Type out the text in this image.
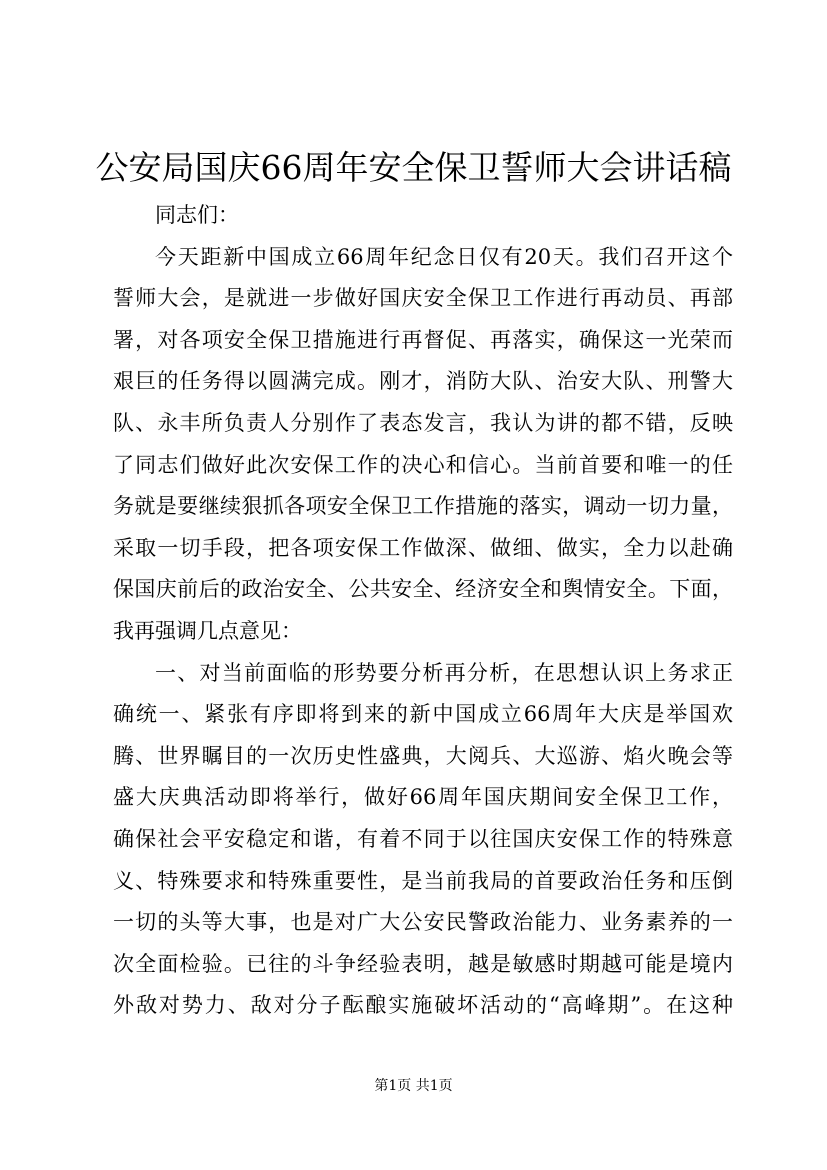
公安局国庆66周年安全保卫誓师大会讲话稿
同志们：
今天距新中国成立66周年纪念日仅有20天。我们召开这个
誓师大会，是就进一步做好国庆安全保卫工作进行再动员、再部
署，对各项安全保卫措施进行再督促、再落实，确保这一光荣而
艰巨的任务得以圆满完成。刚才，消防大队、治安大队、刑警大
队、永丰所负责人分别作了表态发言，我认为讲的都不错，反映
了同志们做好此次安保工作的决心和信心。当前首要和唯一的任
务就是要继续狠抓各项安全保卫工作措施的落实，调动一切力量，
采取一切手段，把各项安保工作做深、做细、做实，全力以赴确
保国庆前后的政治安全、公共安全、经济安全和舆情安全。下面，
我再强调几点意见：
一、对当前面临的形势要分析再分析，在思想认识上务求正
确统一、紧张有序即将到来的新中国成立66周年大庆是举国欢
腾、世界瞩目的一次历史性盛典，大阅兵、大巡游、焰火晚会等
盛大庆典活动即将举行，做好66周年国庆期间安全保卫工作，
确保社会平安稳定和谐，有着不同于以往国庆安保工作的特殊意
义、特殊要求和特殊重要性，是当前我局的首要政治任务和压倒
一切的头等大事，也是对广大公安民警政治能力、业务素养的一
次全面检验。已往的斗争经验表明，越是敏感时期越可能是境内
外敌对势力、敌对分子酝酿实施破坏活动的“高峰期”。在这种
第1页 共1页
